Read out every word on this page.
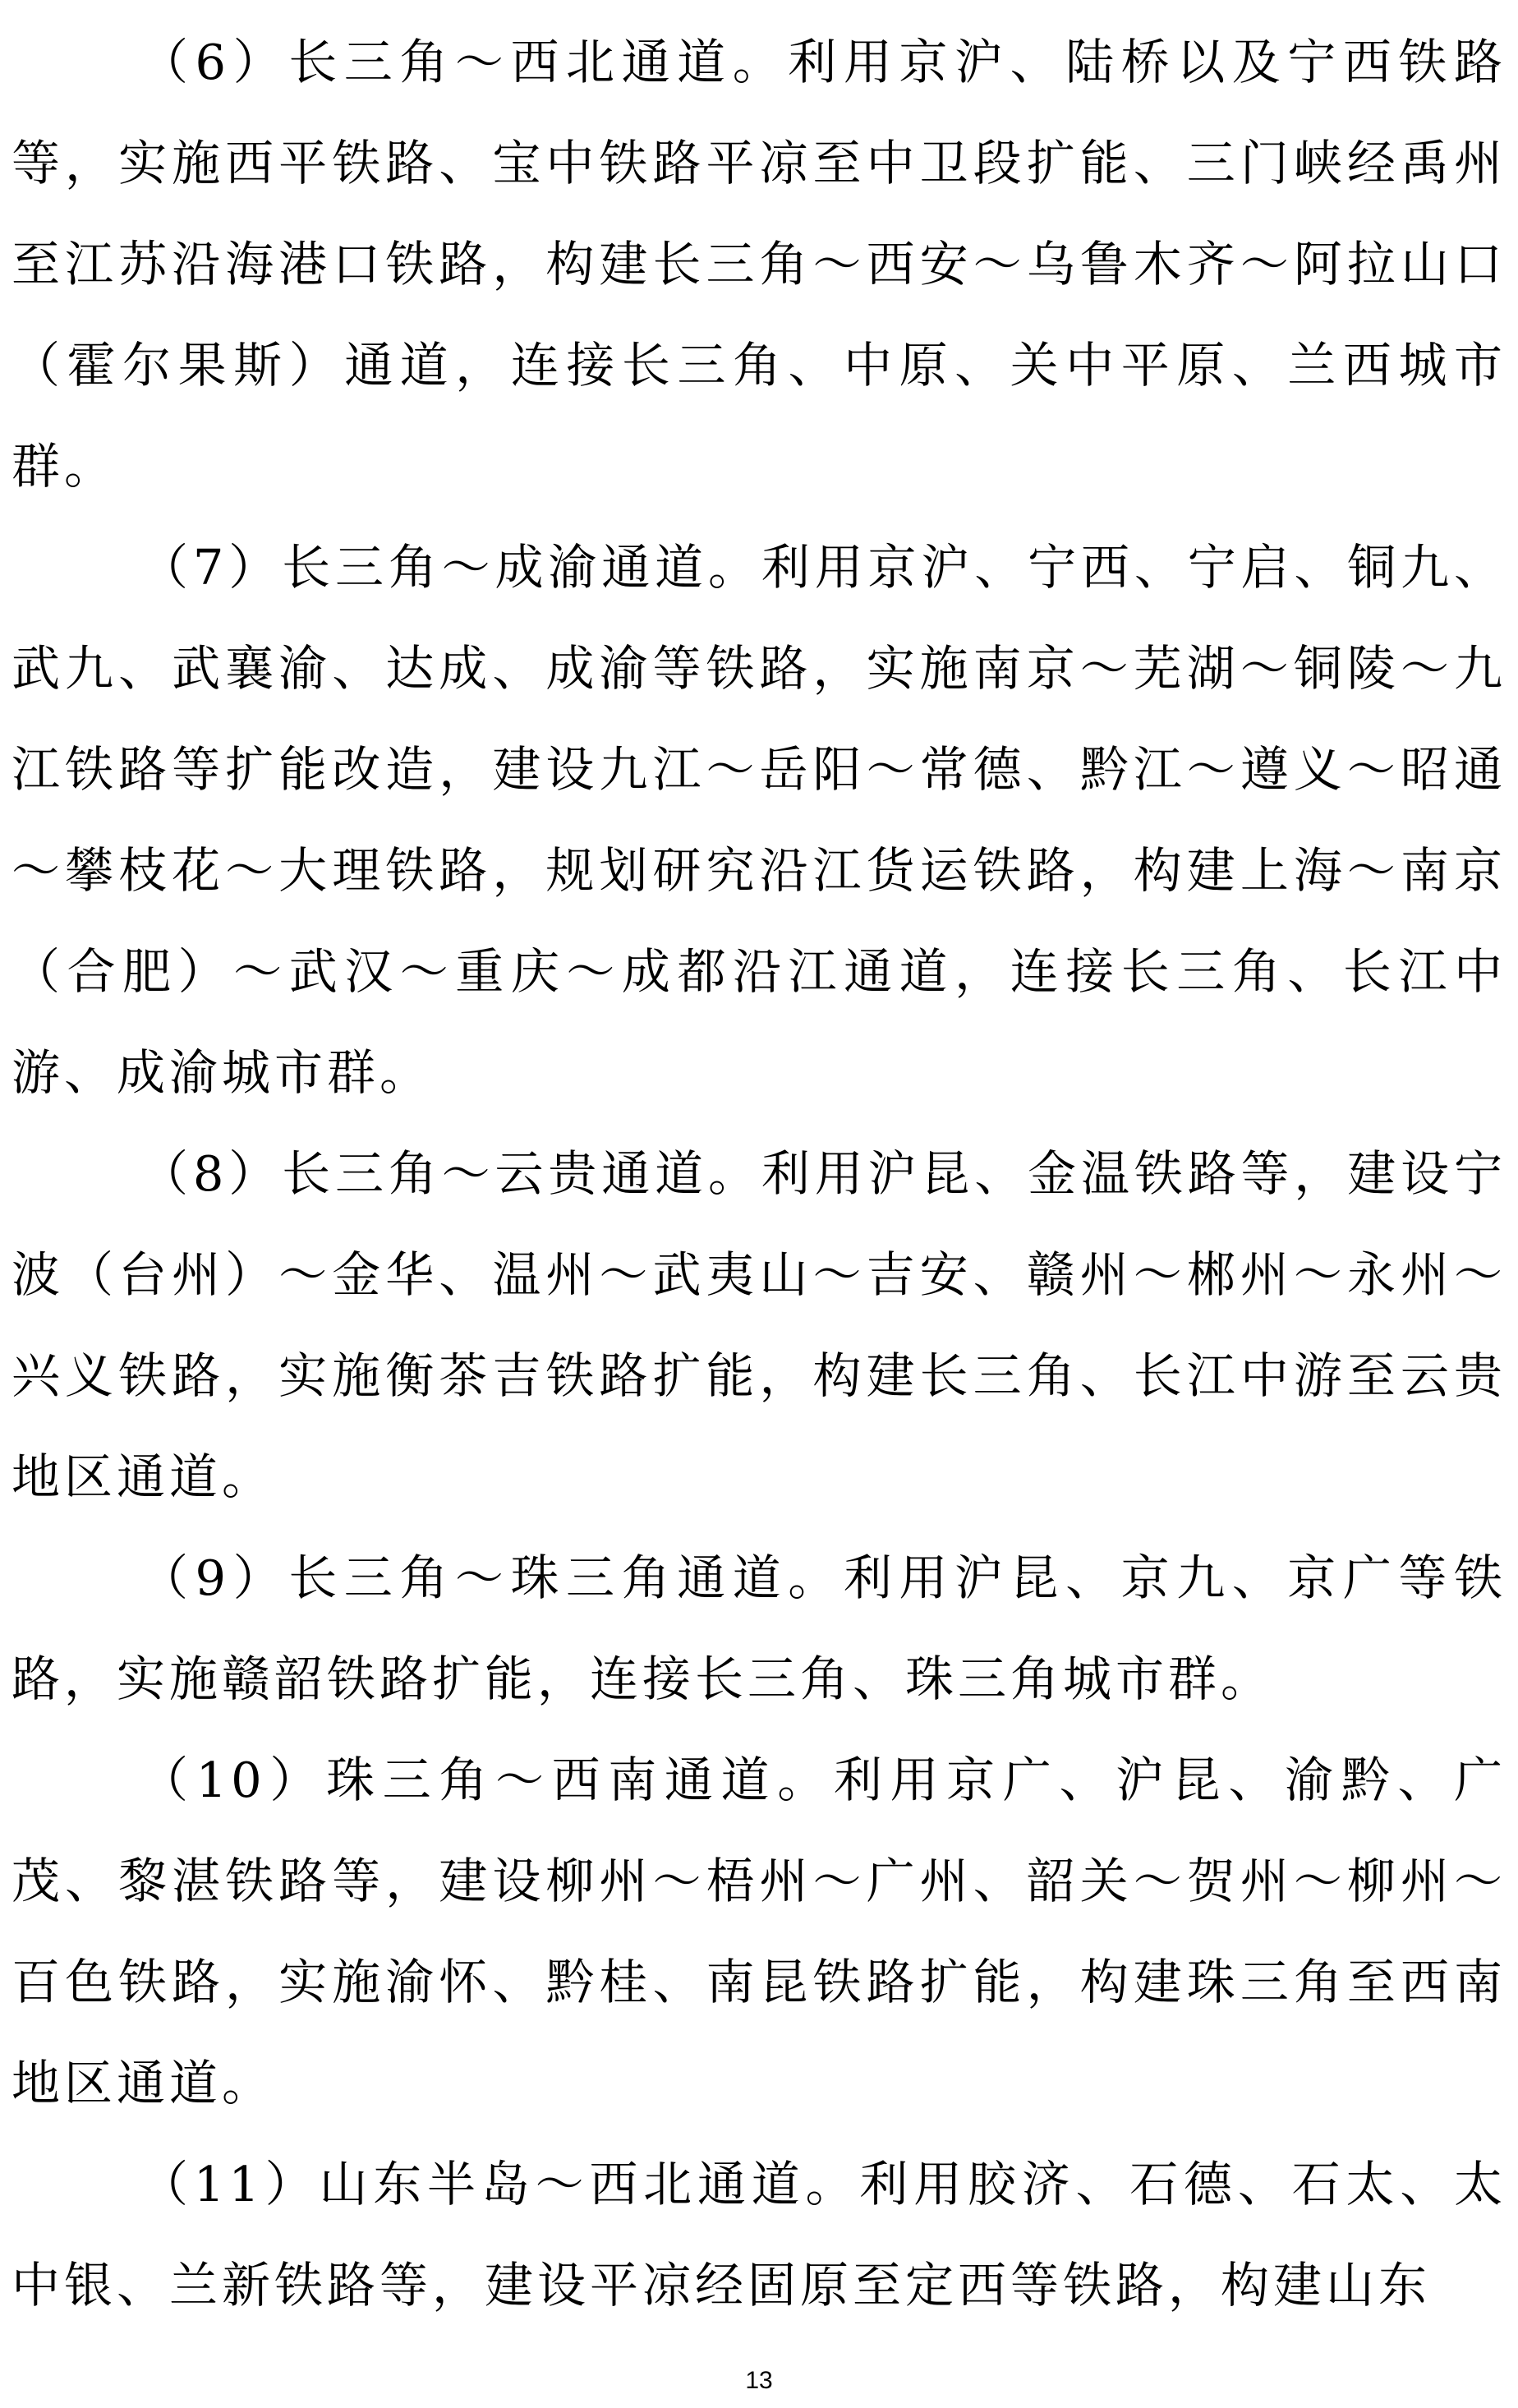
（6）长三角～西北通道。利用京沪、陆桥以及宁西铁路等，实施西平铁路、宝中铁路平凉至中卫段扩能、三门峡经禹州至江苏沿海港口铁路，构建长三角～西安～乌鲁木齐～阿拉山口（霍尔果斯）通道，连接长三角、中原、关中平原、兰西城市群。

（7）长三角～成渝通道。利用京沪、宁西、宁启、铜九、武九、武襄渝、达成、成渝等铁路，实施南京～芜湖～铜陵～九江铁路等扩能改造，建设九江～岳阳～常德、黔江～遵义～昭通～攀枝花～大理铁路，规划研究沿江货运铁路，构建上海～南京（合肥）～武汉～重庆～成都沿江通道，连接长三角、长江中游、成渝城市群。

（8）长三角～云贵通道。利用沪昆、金温铁路等，建设宁波（台州）～金华、温州～武夷山～吉安、赣州～郴州～永州～兴义铁路，实施衡茶吉铁路扩能，构建长三角、长江中游至云贵地区通道。

（9）长三角～珠三角通道。利用沪昆、京九、京广等铁路，实施赣韶铁路扩能，连接长三角、珠三角城市群。

（10）珠三角～西南通道。利用京广、沪昆、渝黔、广茂、黎湛铁路等，建设柳州～梧州～广州、韶关～贺州～柳州～百色铁路，实施渝怀、黔桂、南昆铁路扩能，构建珠三角至西南地区通道。

（11）山东半岛～西北通道。利用胶济、石德、石太、太中银、兰新铁路等，建设平凉经固原至定西等铁路，构建山东

13
